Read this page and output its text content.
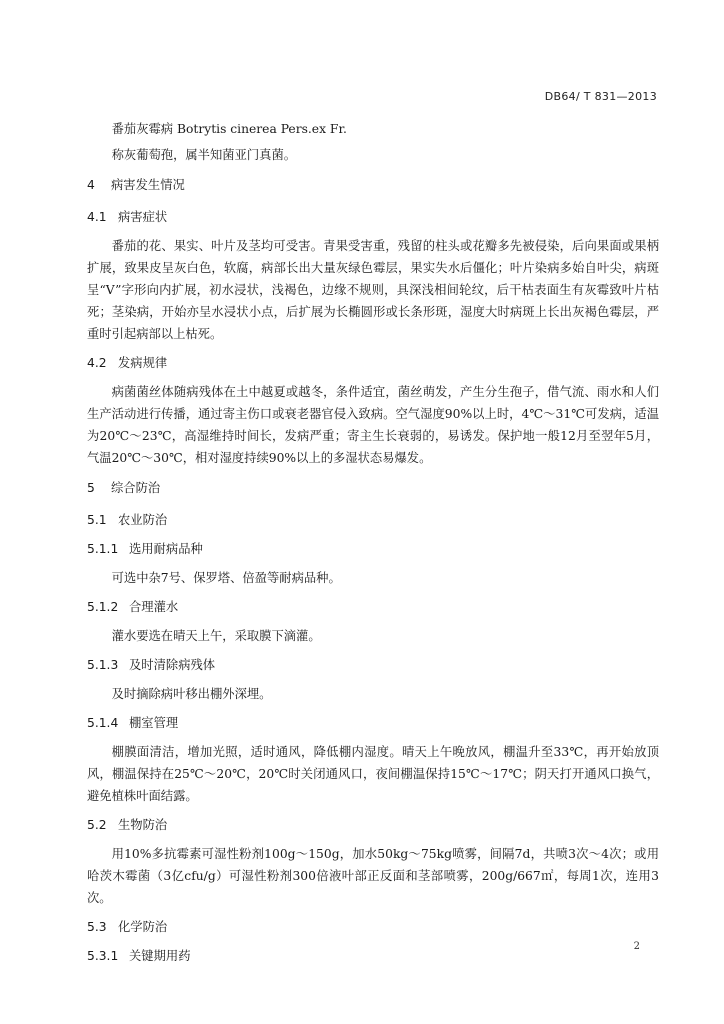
DB64/ T 831—2013

番茄灰霉病 Botrytis cinerea Pers.ex Fr.

称灰葡萄孢，属半知菌亚门真菌。

4 病害发生情况
4.1 病害症状

番茄的花、果实、叶片及茎均可受害。青果受害重，残留的柱头或花瓣多先被侵染，后向果面或果柄扩展，致果皮呈灰白色，软腐，病部长出大量灰绿色霉层，果实失水后僵化；叶片染病多始自叶尖，病斑呈“V”字形向内扩展，初水浸状，浅褐色，边缘不规则，具深浅相间轮纹，后干枯表面生有灰霉致叶片枯死；茎染病，开始亦呈水浸状小点，后扩展为长椭圆形或长条形斑，湿度大时病斑上长出灰褐色霉层，严重时引起病部以上枯死。

4.2 发病规律

病菌菌丝体随病残体在土中越夏或越冬，条件适宜，菌丝萌发，产生分生孢子，借气流、雨水和人们生产活动进行传播，通过寄主伤口或衰老器官侵入致病。空气湿度90%以上时，4℃～31℃可发病，适温为20℃～23℃，高湿维持时间长，发病严重；寄主生长衰弱的，易诱发。保护地一般12月至翌年5月，气温20℃～30℃，相对湿度持续90%以上的多湿状态易爆发。

5 综合防治
5.1 农业防治
5.1.1 选用耐病品种

可选中杂7号、保罗塔、倍盈等耐病品种。

5.1.2 合理灌水

灌水要选在晴天上午，采取膜下滴灌。

5.1.3 及时清除病残体

及时摘除病叶移出棚外深埋。

5.1.4 棚室管理

棚膜面清洁，增加光照，适时通风，降低棚内湿度。晴天上午晚放风，棚温升至33℃，再开始放顶风，棚温保持在25℃～20℃，20℃时关闭通风口，夜间棚温保持15℃～17℃；阴天打开通风口换气，避免植株叶面结露。

5.2 生物防治

用10%多抗霉素可湿性粉剂100g～150g，加水50kg～75kg喷雾，间隔7d，共喷3次～4次；或用哈茨木霉菌（3亿cfu/g）可湿性粉剂300倍液叶部正反面和茎部喷雾，200g/667㎡，每周1次，连用3次。

5.3 化学防治
5.3.1 关键期用药
2
